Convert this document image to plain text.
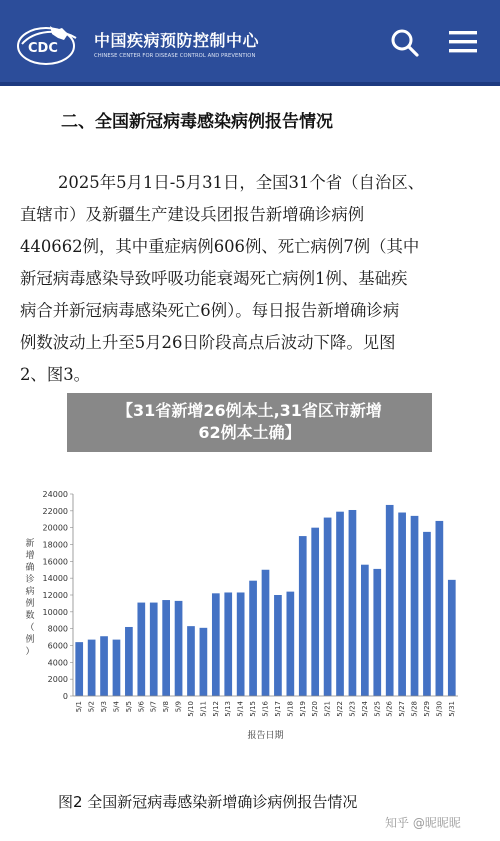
CDC 中国疾病预防控制中心
CHINESE CENTER FOR DISEASE CONTROL AND PREVENTION
二、全国新冠病毒感染病例报告情况
2025年5月1日-5月31日，全国31个省（自治区、
直辖市）及新疆生产建设兵团报告新增确诊病例
440662例，其中重症病例606例、死亡病例7例（其中
新冠病毒感染导致呼吸功能衰竭死亡病例1例、基础疾
病合并新冠病毒感染死亡6例）。每日报告新增确诊病
例数波动上升至5月26日阶段高点后波动下降。见图
2、图3。
【31省新增26例本土,31省区市新增
62例本土确】
0
2000
4000
6000
8000
10000
12000
14000
16000
18000
20000
22000
24000
5/1 5/2 5/3 5/4 5/5 5/6 5/7 5/8 5/9 5/10 5/11 5/12 5/13 5/14 5/15 5/16 5/17 5/18 5/19 5/20 5/21 5/22 5/23 5/24 5/25 5/26 5/27 5/28 5/29 5/30 5/31
新增确诊病例数（例）
报告日期
图2 全国新冠病毒感染新增确诊病例报告情况
知乎 @昵昵昵
